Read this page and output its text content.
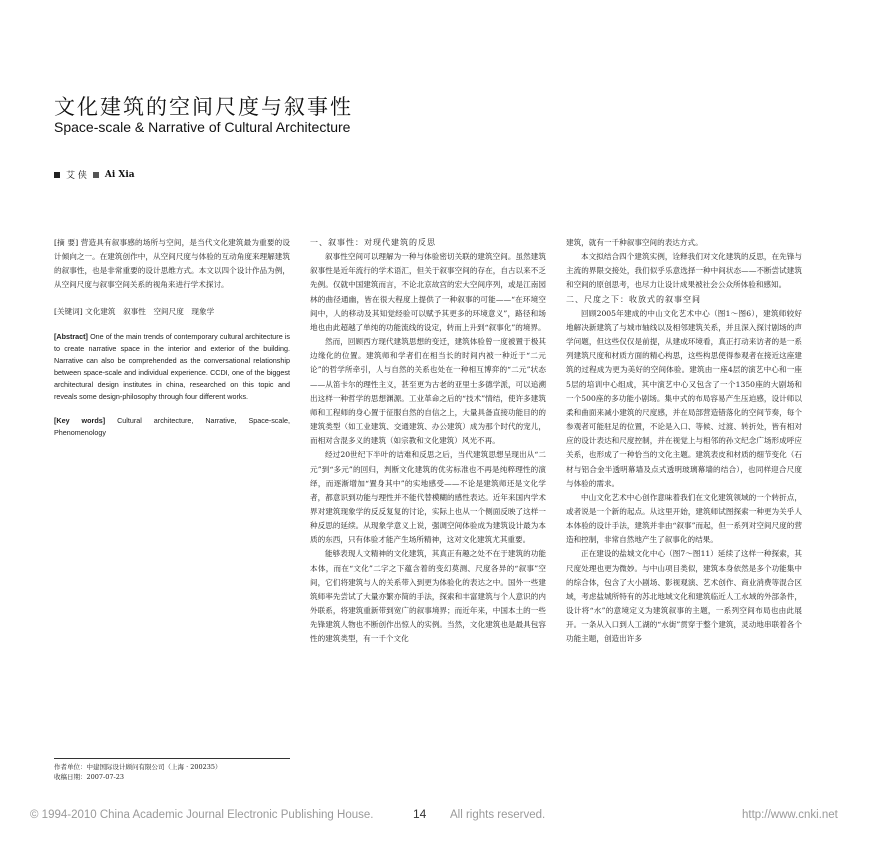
文化建筑的空间尺度与叙事性
Space-scale & Narrative of Cultural Architecture
艾 侠 Ai Xia

[摘 要] 营造具有叙事感的场所与空间，是当代文化建筑最为重要的设计倾向之一。在建筑创作中，从空间尺度与体验的互动角度来理解建筑的叙事性，也是非常重要的设计思维方式。本文以四个设计作品为例，从空间尺度与叙事空间关系的视角来进行学术探讨。

[关键词] 文化建筑　叙事性　空间尺度　现象学

[Abstract] One of the main trends of contemporary cultural architecture is to create narrative space in the interior and exterior of the building. Narrative can also be comprehended as the conversational relationship between space-scale and individual experience. CCDI, one of the biggest architectural design institutes in china, researched on this topic and reveals some design-philosophy through four different works.

[Key words] Cultural architecture, Narrative, Space-scale, Phenomenology

作者单位：中建国际设计顾问有限公司（上海 · 200235）
收稿日期：2007-07-23
一、叙事性：对现代建筑的反思

叙事性空间可以理解为一种与体验密切关联的建筑空间。虽然建筑叙事性是近年流行的学术语汇，但关于叙事空间的存在，自古以来不乏先例。仅就中国建筑而言，不论北京故宫的宏大空间序列，或是江南园林的曲径通幽，皆在很大程度上提供了一种叙事的可能——“在环境空间中，人的移动及其知觉经验可以赋予其更多的环境意义”，路径和场地也由此超越了单纯的功能流线的设定，转而上升到“叙事化”的境界。

然而，回顾西方现代建筑思想的变迁，建筑体验曾一度被置于极其边缘化的位置。建筑师和学者们在相当长的时间内被一种近于“二元论”的哲学所牵引，人与自然的关系也处在一种相互博弈的“二元”状态——从笛卡尔的理性主义，甚至更为古老的亚里士多德学派，可以追溯出这样一种哲学的思想渊源。工业革命之后的“技术”情结，使许多建筑师和工程师的身心置于征服自然的自信之上，大量具备直接功能目的的建筑类型（如工业建筑、交通建筑、办公建筑）成为那个时代的宠儿，而相对含混多义的建筑（如宗教和文化建筑）风光不再。

经过20世纪下半叶的诘难和反思之后，当代建筑思想呈现出从“二元”到“多元”的回归，判断文化建筑的优劣标准也不再是纯粹理性的演绎，而逐渐增加“置身其中”的实地感受——不论是建筑师还是文化学者，都意识到功能与理性并不能代替模糊的感性表达。近年来国内学术界对建筑现象学的反反复复的讨论，实际上也从一个侧面反映了这样一种反思的延续。从现象学意义上说，强调空间体验成为建筑设计最为本质的东西，只有体验才能产生场所精神，这对文化建筑尤其重要。

能够表现人文精神的文化建筑，其真正有趣之处不在于建筑的功能本体，而在“文化”二字之下蕴含着的变幻莫测、尺度各异的“叙事”空间，它们将建筑与人的关系带入到更为体验化的表达之中。国外一些建筑师率先尝试了大量亦繁亦简的手法，探索和丰富建筑与个人意识的内外联系，将建筑重新带到宽广的叙事境界；而近年来，中国本土的一些先锋建筑人物也不断创作出惊人的实例。当然，文化建筑也是最具包容性的建筑类型，有一千个文化

建筑，就有一千种叙事空间的表达方式。

本文拟结合四个建筑实例，诠释我们对文化建筑的反思，在先锋与主流的界限交接处，我们似乎乐意选择一种中间状态——不断尝试建筑和空间的原创思考，也尽力让设计成果被社会公众所体验和感知。

二、尺度之下：收放式的叙事空间

回顾2005年建成的中山文化艺术中心（图1～图6），建筑师较好地解决新建筑了与城市轴线以及相邻建筑关系，并且深入探讨剧场的声学问题，但这些仅仅是前提，从建成环境看，真正打动来访者的是一系列建筑尺度和材质方面的精心构思，这些构思使得参观者在接近这座建筑的过程成为更为美好的空间体验。建筑由一座4层的演艺中心和一座5层的培训中心组成，其中演艺中心又包含了一个1350座的大剧场和一个500座的多功能小剧场。集中式的布局容易产生压迫感，设计师以柔和曲面来减小建筑的尺度感，并在局部营造错落化的空间节奏，每个参观者可能驻足的位置，不论是入口、等候、过渡、转折处，皆有相对应的设计表达和尺度控制，并在视觉上与相邻的孙文纪念广场形成呼应关系，也形成了一种恰当的文化主题。建筑表皮和材质的细节变化（石材与铝合金半透明幕墙及点式透明玻璃幕墙的结合），也同样迎合尺度与体验的需求。

中山文化艺术中心创作意味着我们在文化建筑领域的一个转折点，或者说是一个新的起点。从这里开始，建筑师试图探索一种更为关乎人本体验的设计手法，建筑并非由“叙事”而起，但一系列对空间尺度的营造和控制，非常自然地产生了叙事化的结果。

正在建设的盐城文化中心（图7～图11）延续了这样一种探索，其尺度处理也更为微妙。与中山项目类似，建筑本身依然是多个功能集中的综合体，包含了大小剧场、影视观演、艺术创作、商业消费等混合区域，考虑盐城所特有的苏北地域文化和建筑临近人工水域的外部条件，设计将“水”的意境定义为建筑叙事的主题，一系列空间布局也由此展开。一条从入口到人工湖的“水街”贯穿于整个建筑，灵动地串联着各个功能主题，创造出许多

© 1994-2010 China Academic Journal Electronic Publishing House.	14 All rights reserved.	http://www.cnki.net
